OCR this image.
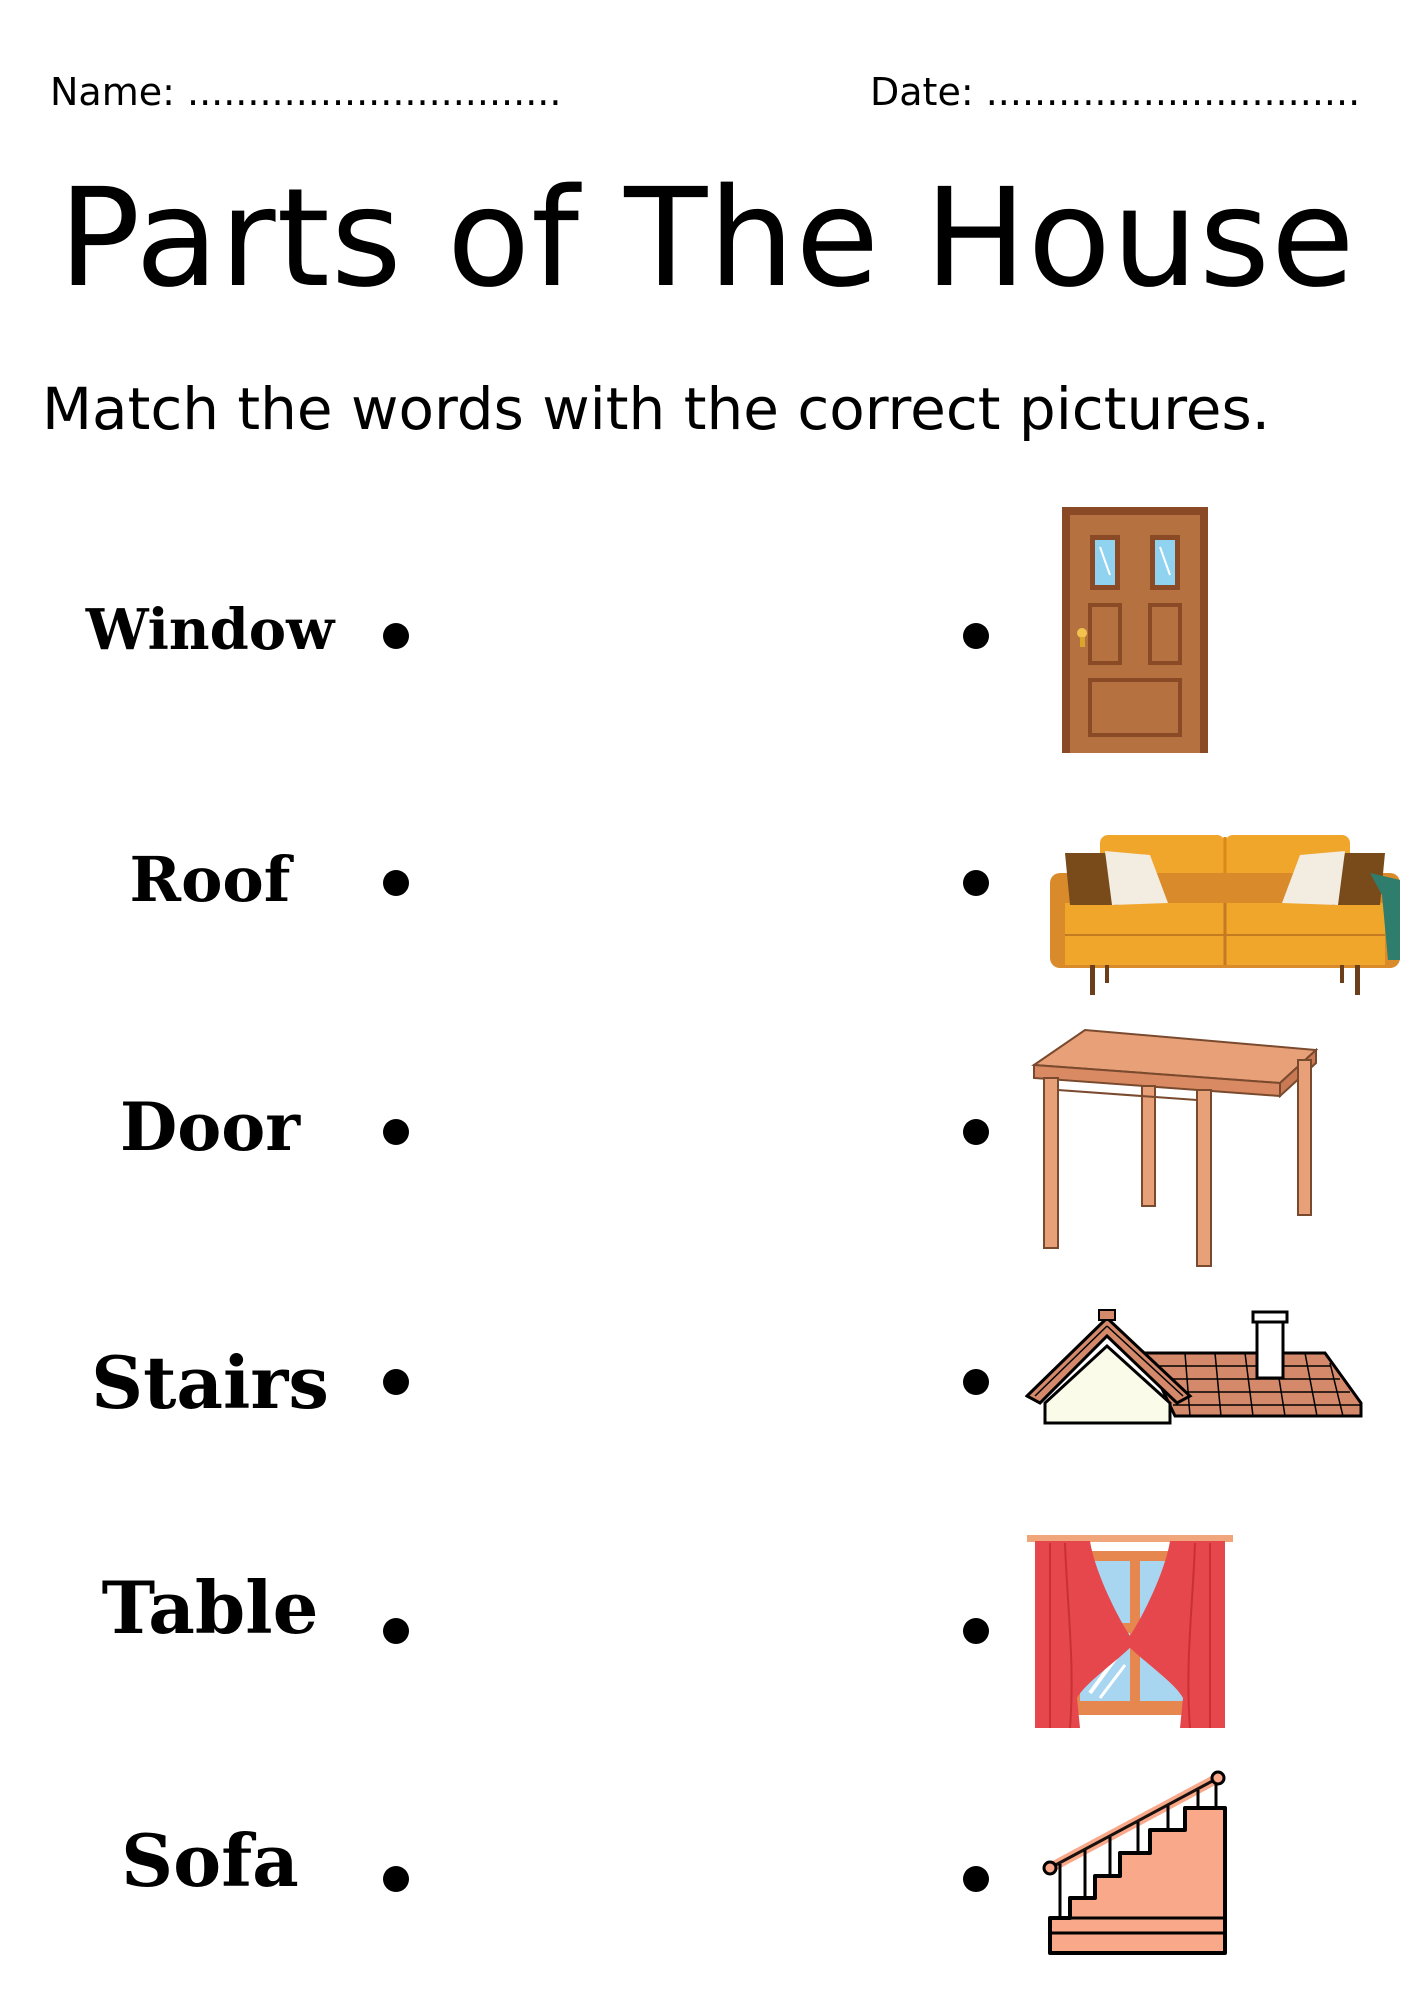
Name: ...............................	Date: ...............................
Parts of The House
Match the words with the correct pictures.
Window
Roof
Door
Stairs
Table
Sofa
